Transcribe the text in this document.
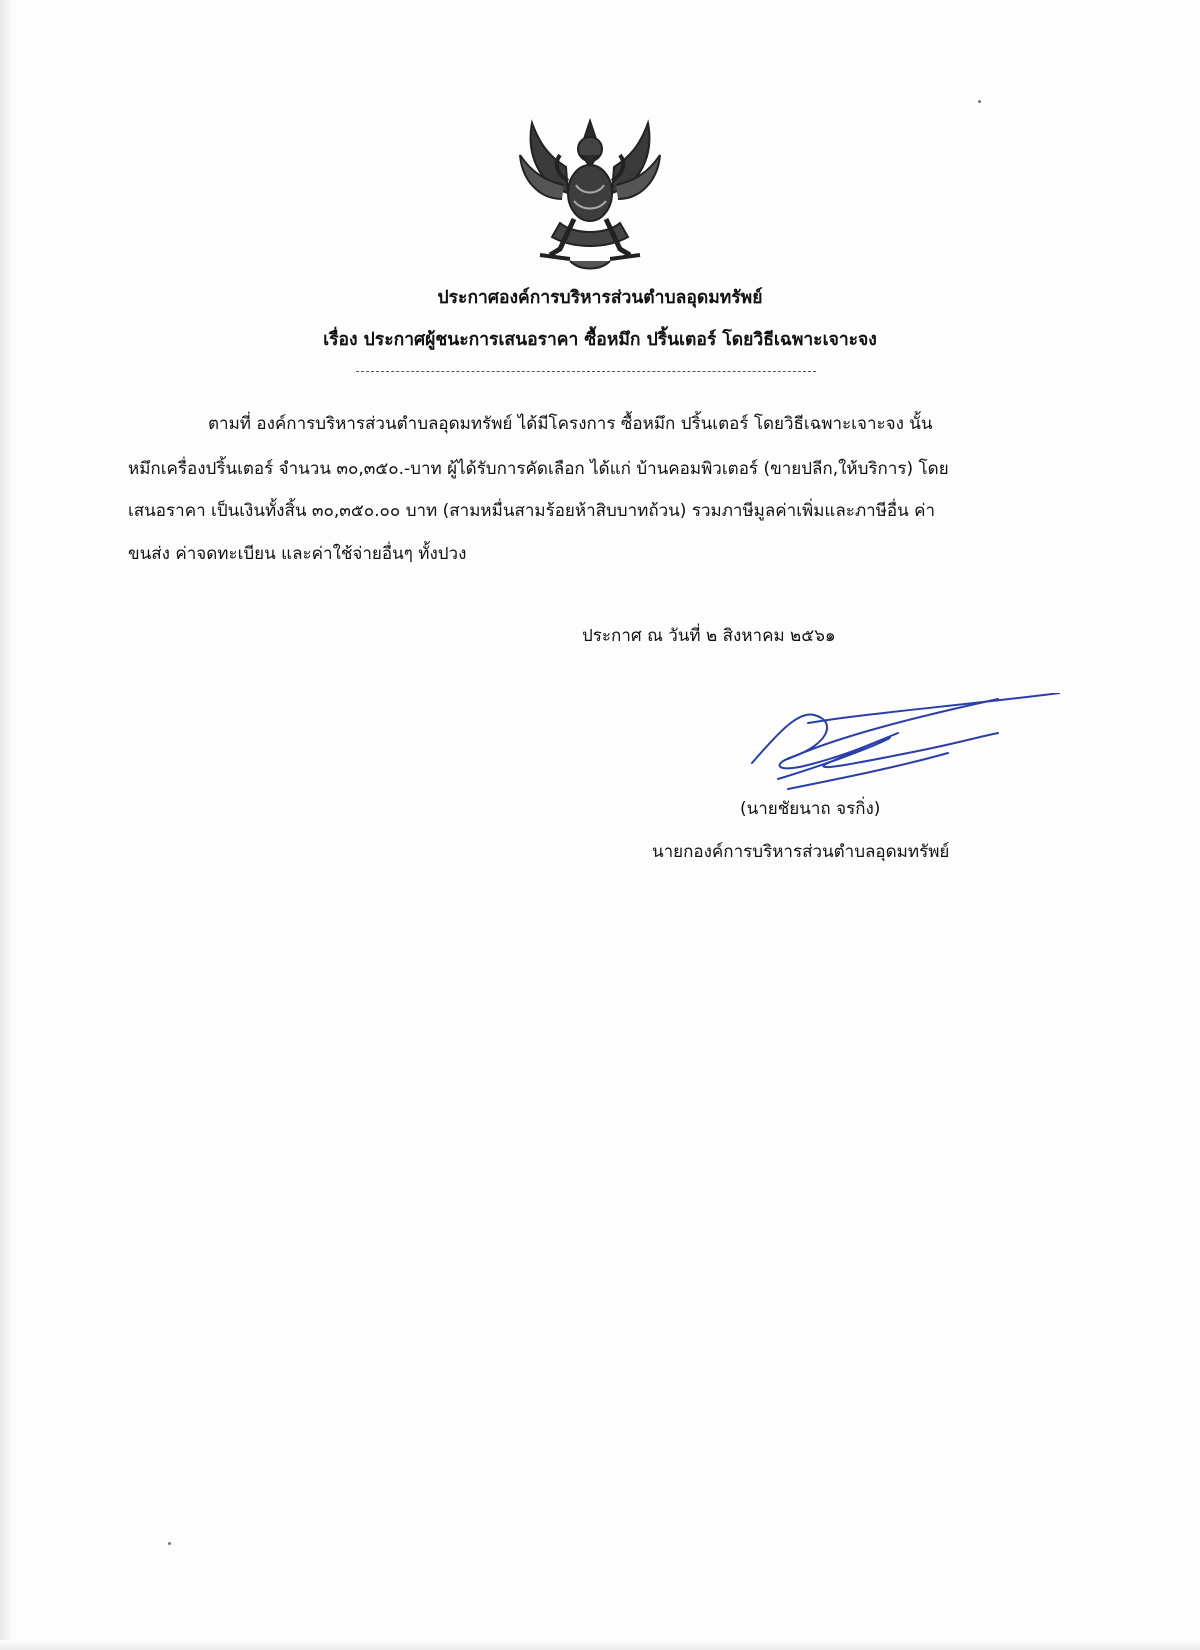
ประกาศองค์การบริหารส่วนตำบลอุดมทรัพย์
เรื่อง ประกาศผู้ชนะการเสนอราคา ซื้อหมึก ปริ้นเตอร์ โดยวิธีเฉพาะเจาะจง
ตามที่ องค์การบริหารส่วนตำบลอุดมทรัพย์ ได้มีโครงการ ซื้อหมึก ปริ้นเตอร์ โดยวิธีเฉพาะเจาะจง นั้น
หมึกเครื่องปริ้นเตอร์ จำนวน ๓๐,๓๕๐.-บาท ผู้ได้รับการคัดเลือก ได้แก่ บ้านคอมพิวเตอร์ (ขายปลีก,ให้บริการ) โดย
เสนอราคา เป็นเงินทั้งสิ้น ๓๐,๓๕๐.๐๐ บาท (สามหมื่นสามร้อยห้าสิบบาทถ้วน) รวมภาษีมูลค่าเพิ่มและภาษีอื่น ค่า
ขนส่ง ค่าจดทะเบียน และค่าใช้จ่ายอื่นๆ ทั้งปวง
ประกาศ ณ วันที่ ๒ สิงหาคม ๒๕๖๑
(นายชัยนาถ จรกิ่ง)
นายกองค์การบริหารส่วนตำบลอุดมทรัพย์
